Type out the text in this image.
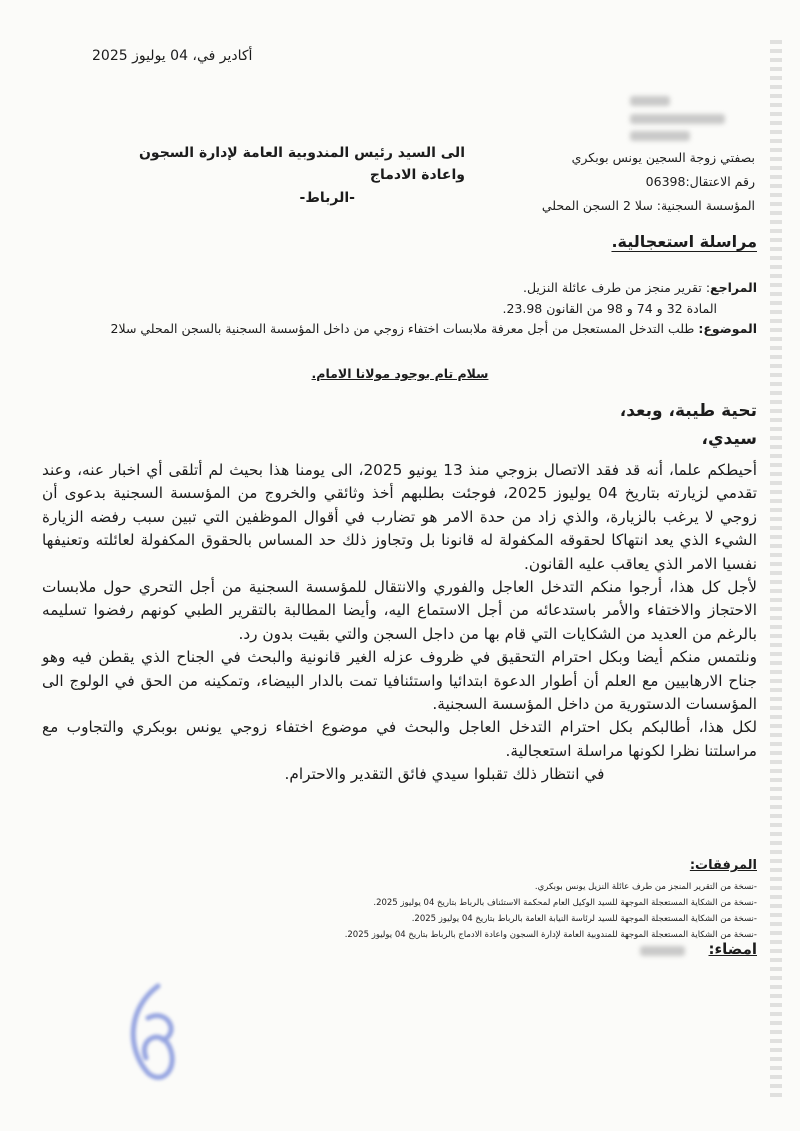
أكادير في، 04 يوليوز 2025
بصفتي زوجة السجين يونس بوبكري
رقم الاعتقال:06398
المؤسسة السجنية: سلا 2 السجن المحلي
الى السيد رئيس المندوبية العامة لإدارة السجون واعادة الادماج
-الرباط-
مراسلة استعجالية.
المراجع: تقرير منجز من طرف عائلة النزيل.
المادة 32 و 74 و 98 من القانون 23.98.
الموضوع: طلب التدخل المستعجل من أجل معرفة ملابسات اختفاء زوجي من داخل المؤسسة السجنية بالسجن المحلي سلا2
سلام تام بوجود مولانا الامام.
تحية طيبة، وبعد،
سيدي،

أحيطكم علما، أنه قد فقد الاتصال بزوجي منذ 13 يونيو 2025، الى يومنا هذا بحيث لم أتلقى أي اخبار عنه، وعند تقدمي لزيارته بتاريخ 04 يوليوز 2025، فوجئت بطلبهم أخذ وثائقي والخروج من المؤسسة السجنية بدعوى أن زوجي لا يرغب بالزيارة، والذي زاد من حدة الامر هو تضارب في أقوال الموظفين التي تبين سبب رفضه الزيارة الشيء الذي يعد انتهاكا لحقوقه المكفولة له قانونا بل وتجاوز ذلك حد المساس بالحقوق المكفولة لعائلته وتعنيفها نفسيا الامر الذي يعاقب عليه القانون.

لأجل كل هذا، أرجوا منكم التدخل العاجل والفوري والانتقال للمؤسسة السجنية من أجل التحري حول ملابسات الاحتجاز والاختفاء والأمر باستدعائه من أجل الاستماع اليه، وأيضا المطالبة بالتقرير الطبي كونهم رفضوا تسليمه بالرغم من العديد من الشكايات التي قام بها من داجل السجن والتي بقيت بدون رد.

ونلتمس منكم أيضا وبكل احترام التحقيق في ظروف عزله الغير قانونية والبحث في الجناح الذي يقطن فيه وهو جناح الارهابيين مع العلم أن أطوار الدعوة ابتدائيا واستئنافيا تمت بالدار البيضاء، وتمكينه من الحق في الولوج الى المؤسسات الدستورية من داخل المؤسسة السجنية.

لكل هذا، أطالبكم بكل احترام التدخل العاجل والبحث في موضوع اختفاء زوجي يونس بوبكري والتجاوب مع مراسلتنا نظرا لكونها مراسلة استعجالية.

في انتظار ذلك تقبلوا سيدي فائق التقدير والاحترام.

المرفقات:
-نسخة من التقرير المنجز من طرف عائلة النزيل يونس بوبكري.
-نسخة من الشكاية المستعجلة الموجهة للسيد الوكيل العام لمحكمة الاستئناف بالرباط بتاريخ 04 يوليوز 2025.
-نسخة من الشكاية المستعجلة الموجهة للسيد لرئاسة النيابة العامة بالرباط بتاريخ 04 يوليوز 2025.
-نسخة من الشكاية المستعجلة الموجهة للمندوبية العامة لإدارة السجون واعادة الادماج بالرباط بتاريخ 04 يوليوز 2025.
امضاء:
